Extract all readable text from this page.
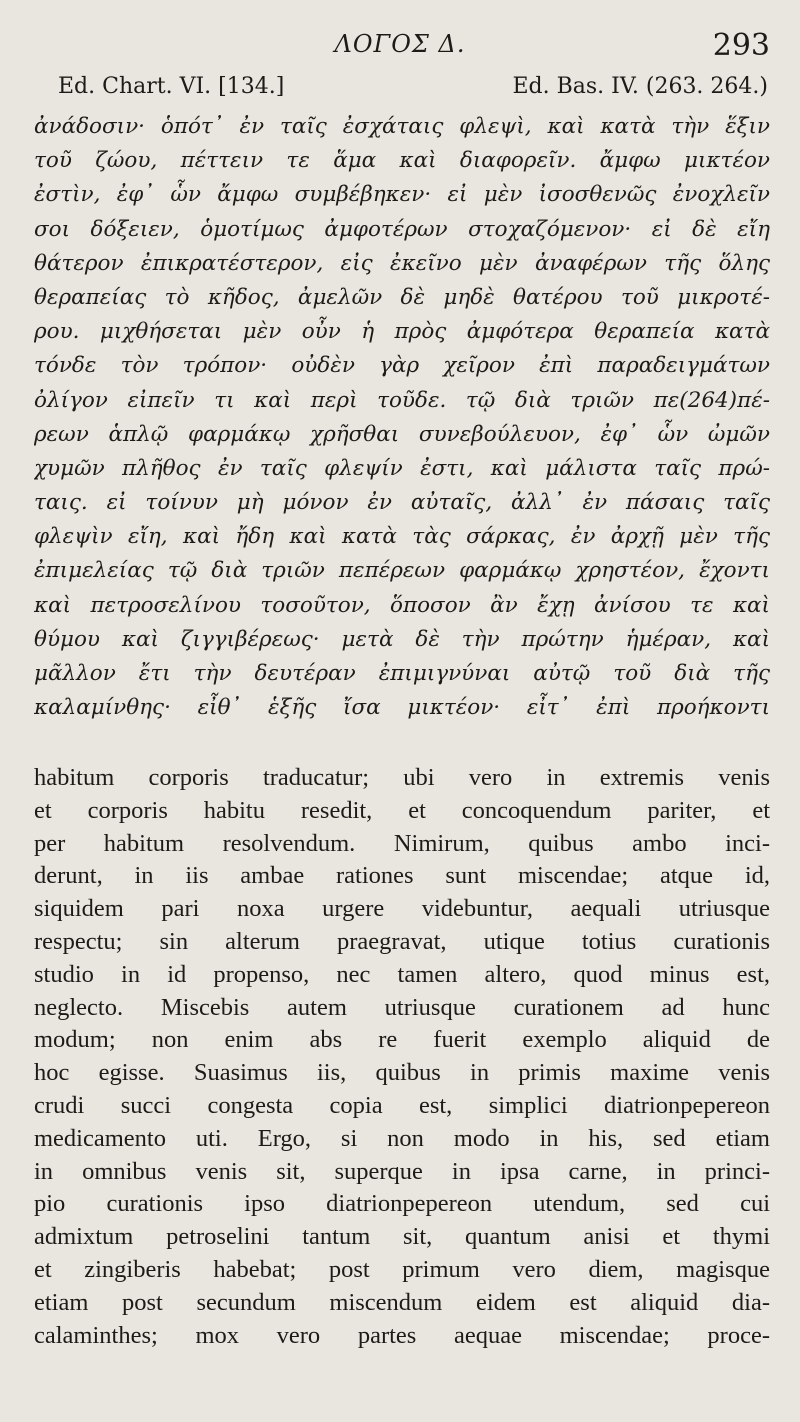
ΛΟΓΟΣ Δ.	293
Ed. Chart. VI. [134.]	Ed. Bas. IV. (263. 264.)
ἀνάδοσιν· ὁπότ᾽ ἐν ταῖς ἐσχάταις φλεψὶ, καὶ κατὰ τὴν ἕξιν
τοῦ ζώου, πέττειν τε ἅμα καὶ διαφορεῖν. ἄμφω μικτέον
ἐστὶν, ἐφ᾽ ὧν ἄμφω συμβέβηκεν· εἰ μὲν ἰσοσθενῶς ἐνοχλεῖν
σοι δόξειεν, ὁμοτίμως ἀμφοτέρων στοχαζόμενον· εἰ δὲ εἴη
θάτερον ἐπικρατέστερον, εἰς ἐκεῖνο μὲν ἀναφέρων τῆς ὅλης
θεραπείας τὸ κῆδος, ἀμελῶν δὲ μηδὲ θατέρου τοῦ μικροτέ-
ρου. μιχθήσεται μὲν οὖν ἡ πρὸς ἀμφότερα θεραπεία κατὰ
τόνδε τὸν τρόπον· οὐδὲν γὰρ χεῖρον ἐπὶ παραδειγμάτων
ὀλίγον εἰπεῖν τι καὶ περὶ τοῦδε. τῷ διὰ τριῶν πε(264)πέ-
ρεων ἁπλῷ φαρμάκῳ χρῆσθαι συνεβούλευον, ἐφ᾽ ὧν ὠμῶν
χυμῶν πλῆθος ἐν ταῖς φλεψίν ἐστι, καὶ μάλιστα ταῖς πρώ-
ταις. εἰ τοίνυν μὴ μόνον ἐν αὐταῖς, ἀλλ᾽ ἐν πάσαις ταῖς
φλεψὶν εἴη, καὶ ἤδη καὶ κατὰ τὰς σάρκας, ἐν ἀρχῇ μὲν τῆς
ἐπιμελείας τῷ διὰ τριῶν πεπέρεων φαρμάκῳ χρηστέον, ἔχοντι
καὶ πετροσελίνου τοσοῦτον, ὅποσον ἂν ἔχῃ ἀνίσου τε καὶ
θύμου καὶ ζιγγιβέρεως· μετὰ δὲ τὴν πρώτην ἡμέραν, καὶ
μᾶλλον ἔτι τὴν δευτέραν ἐπιμιγνύναι αὐτῷ τοῦ διὰ τῆς
καλαμίνθης· εἶθ᾽ ἑξῆς ἴσα μικτέον· εἶτ᾽ ἐπὶ προήκοντι
habitum corporis traducatur; ubi vero in extremis venis
et corporis habitu resedit, et concoquendum pariter, et
per habitum resolvendum. Nimirum, quibus ambo inci-
derunt, in iis ambae rationes sunt miscendae; atque id,
siquidem pari noxa urgere videbuntur, aequali utriusque
respectu; sin alterum praegravat, utique totius curationis
studio in id propenso, nec tamen altero, quod minus est,
neglecto. Miscebis autem utriusque curationem ad hunc
modum; non enim abs re fuerit exemplo aliquid de
hoc egisse. Suasimus iis, quibus in primis maxime venis
crudi succi congesta copia est, simplici diatrionpepereon
medicamento uti. Ergo, si non modo in his, sed etiam
in omnibus venis sit, superque in ipsa carne, in princi-
pio curationis ipso diatrionpepereon utendum, sed cui
admixtum petroselini tantum sit, quantum anisi et thymi
et zingiberis habebat; post primum vero diem, magisque
etiam post secundum miscendum eidem est aliquid dia-
calaminthes; mox vero partes aequae miscendae; proce-
